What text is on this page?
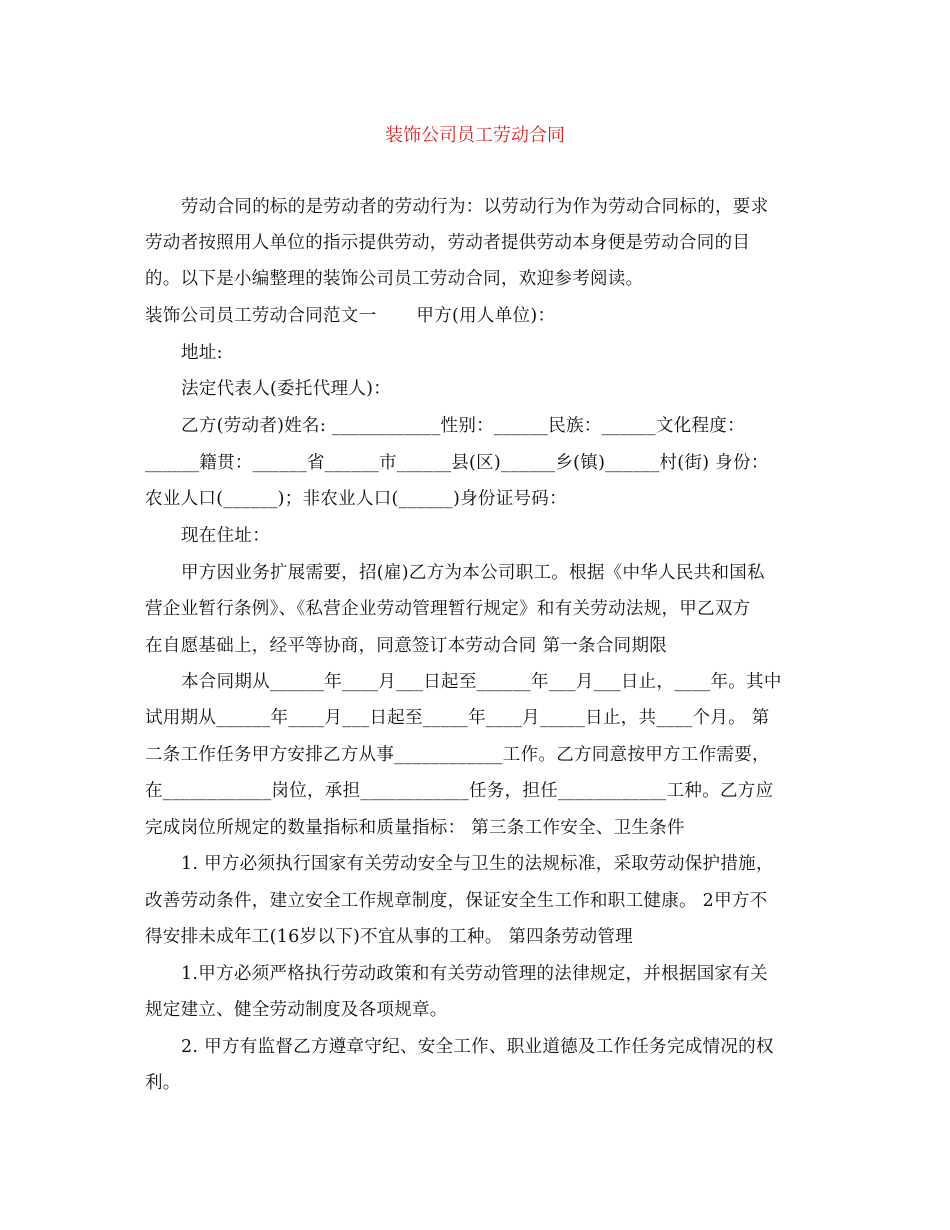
装饰公司员工劳动合同
劳动合同的标的是劳动者的劳动行为：以劳动行为作为劳动合同标的，要求
劳动者按照用人单位的指示提供劳动，劳动者提供劳动本身便是劳动合同的目
的。以下是小编整理的装饰公司员工劳动合同，欢迎参考阅读。
装饰公司员工劳动合同范文一 甲方(用人单位)：
地址:
法定代表人(委托代理人)：
乙方(劳动者)姓名: ____________性别：______民族：______文化程度：
______籍贯：______省______市______县(区)______乡(镇)______村(街) 身份：
农业人口(______)；非农业人口(______)身份证号码：
现在住址：
甲方因业务扩展需要，招(雇)乙方为本公司职工。根据《中华人民共和国私
营企业暂行条例》、《私营企业劳动管理暂行规定》和有关劳动法规，甲乙双方
在自愿基础上，经平等协商，同意签订本劳动合同 第一条合同期限
本合同期从______年____月___日起至______年___月___日止，____年。其中
试用期从______年____月___日起至_____年____月_____日止，共____个月。 第
二条工作任务甲方安排乙方从事____________工作。乙方同意按甲方工作需要，
在____________岗位，承担____________任务，担任____________工种。乙方应
完成岗位所规定的数量指标和质量指标： 第三条工作安全、卫生条件
1. 甲方必须执行国家有关劳动安全与卫生的法规标准，采取劳动保护措施，
改善劳动条件，建立安全工作规章制度，保证安全生工作和职工健康。 2甲方不
得安排未成年工(16岁以下)不宜从事的工种。 第四条劳动管理
1.甲方必须严格执行劳动政策和有关劳动管理的法律规定，并根据国家有关
规定建立、健全劳动制度及各项规章。
2. 甲方有监督乙方遵章守纪、安全工作、职业道德及工作任务完成情况的权
利。
